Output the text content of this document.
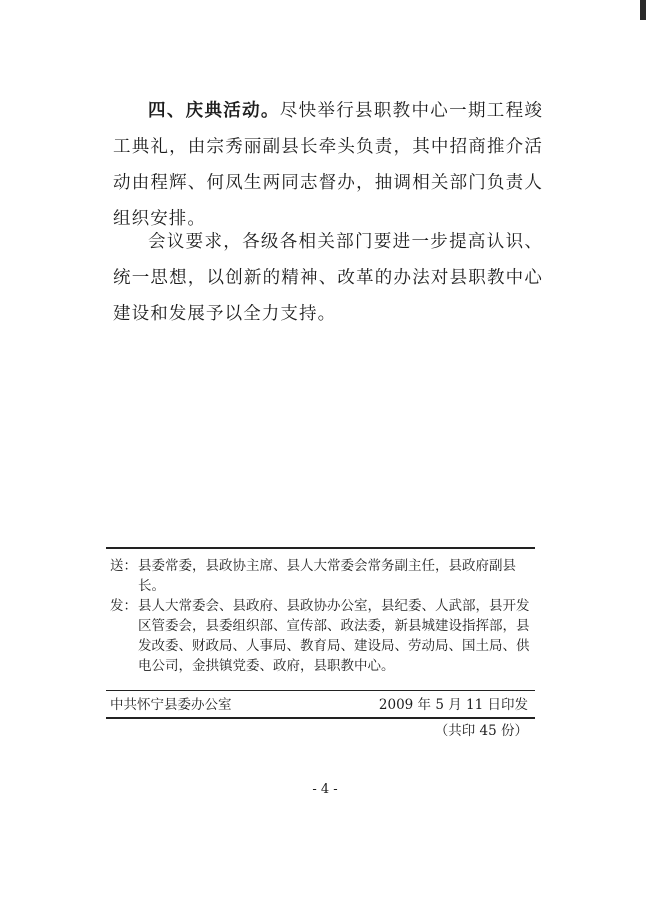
四、庆典活动。尽快举行县职教中心一期工程竣工典礼，由宗秀丽副县长牵头负责，其中招商推介活动由程辉、何凤生两同志督办，抽调相关部门负责人组织安排。

会议要求，各级各相关部门要进一步提高认识、统一思想，以创新的精神、改革的办法对县职教中心建设和发展予以全力支持。

送： 县委常委，县政协主席、县人大常委会常务副主任，县政府副县长。
发： 县人大常委会、县政府、县政协办公室，县纪委、人武部，县开发区管委会，县委组织部、宣传部、政法委，新县城建设指挥部，县发改委、财政局、人事局、教育局、建设局、劳动局、国土局、供电公司，金拱镇党委、政府，县职教中心。
中共怀宁县委办公室	2009 年 5 月 11 日印发
（共印 45 份）
- 4 -
